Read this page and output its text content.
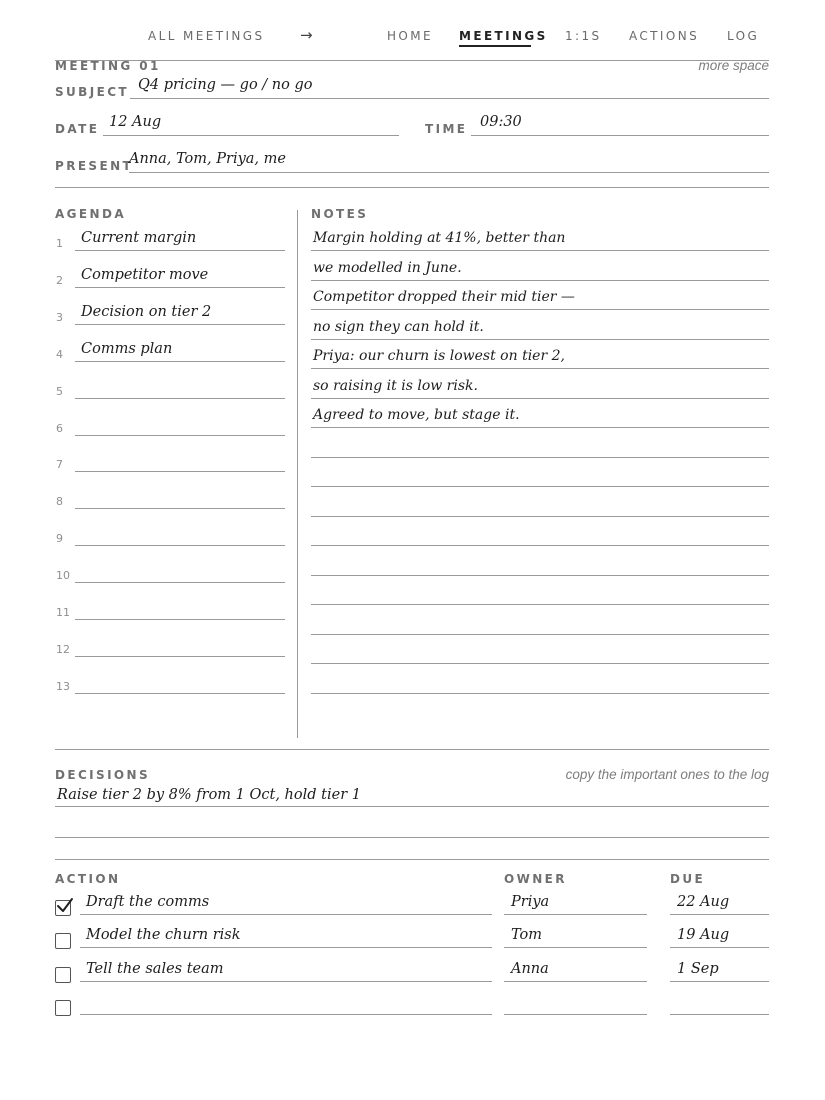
ALL MEETINGS →	HOME MEETINGS 1:1S ACTIONS LOG
MEETING 01	more space
SUBJECT Q4 pricing — go / no go
DATE 12 Aug	TIME 09:30
PRESENT
Anna, Tom, Priya, me
AGENDA
1	Current margin
2	Competitor move
3	Decision on tier 2
4	Comms plan
5
6
7
8
9
10
11
12
13
NOTES
Margin holding at 41%, better than
we modelled in June.
Competitor dropped their mid tier —
no sign they can hold it.
Priya: our churn is lowest on tier 2,
so raising it is low risk.
Agreed to move, but stage it.
DECISIONS	copy the important ones to the log
Raise tier 2 by 8% from 1 Oct, hold tier 1
ACTION	OWNER	DUE
Draft the comms	Priya	22 Aug
Model the churn risk	Tom	19 Aug
Tell the sales team	Anna	1 Sep
